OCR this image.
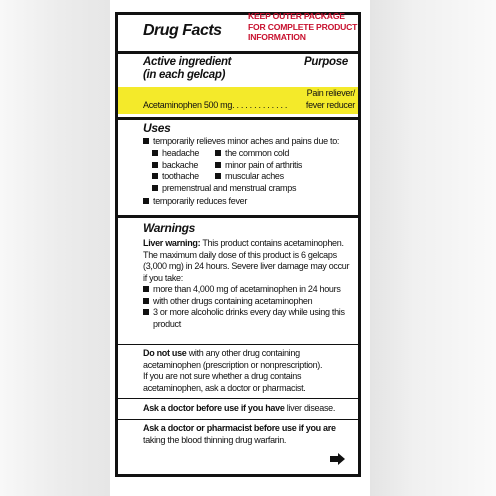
Drug Facts
KEEP OUTER PACKAGE FOR COMPLETE PRODUCT INFORMATION
Active ingredient
(in each gelcap)
Purpose
Acetaminophen 500 mg. . . . . . . . . . . . .
Pain reliever/
fever reducer
Uses
temporarily relieves minor aches and pains due to:
headache
backache
toothache
premenstrual and menstrual cramps
the common cold
minor pain of arthritis
muscular aches
temporarily reduces fever
Warnings
Liver warning: This product contains acetaminophen.
The maximum daily dose of this product is 6 gelcaps
(3,000 mg) in 24 hours. Severe liver damage may occur
if you take:
more than 4,000 mg of acetaminophen in 24 hours
with other drugs containing acetaminophen
3 or more alcoholic drinks every day while using this
product
Do not use with any other drug containing
acetaminophen (prescription or nonprescription).
If you are not sure whether a drug contains
acetaminophen, ask a doctor or pharmacist.
Ask a doctor before use if you have liver disease.
Ask a doctor or pharmacist before use if you are
taking the blood thinning drug warfarin.
